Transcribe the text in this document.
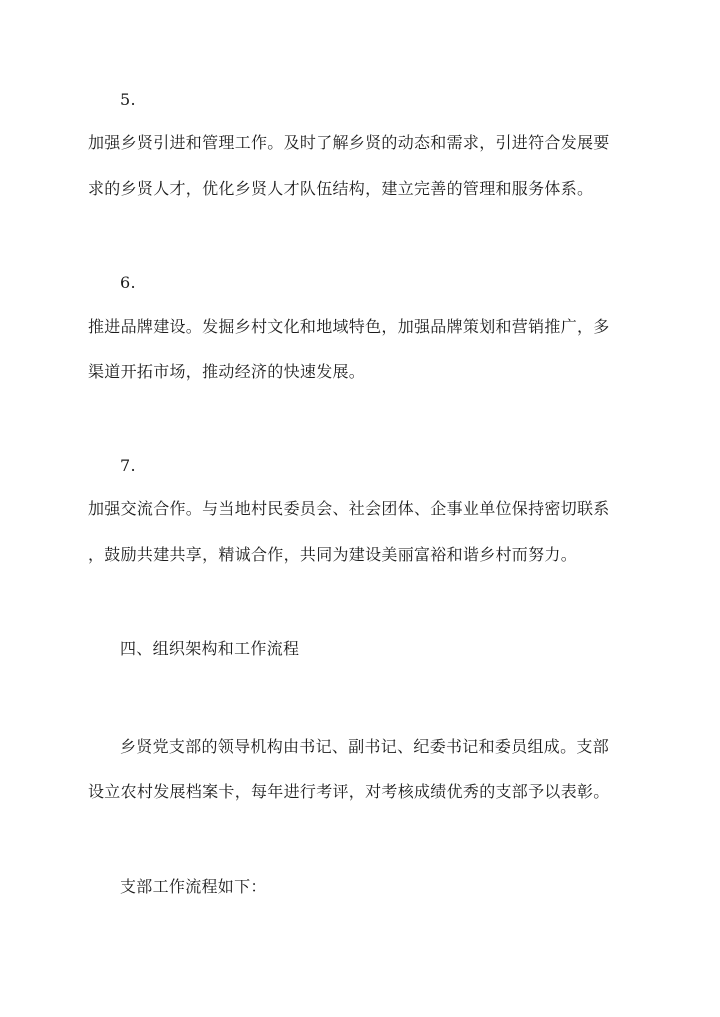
5.
加强乡贤引进和管理工作。及时了解乡贤的动态和需求，引进符合发展要
求的乡贤人才，优化乡贤人才队伍结构，建立完善的管理和服务体系。
6.
推进品牌建设。发掘乡村文化和地域特色，加强品牌策划和营销推广，多
渠道开拓市场，推动经济的快速发展。
7.
加强交流合作。与当地村民委员会、社会团体、企事业单位保持密切联系
，鼓励共建共享，精诚合作，共同为建设美丽富裕和谐乡村而努力。
四、组织架构和工作流程
乡贤党支部的领导机构由书记、副书记、纪委书记和委员组成。支部
设立农村发展档案卡，每年进行考评，对考核成绩优秀的支部予以表彰。
支部工作流程如下：
